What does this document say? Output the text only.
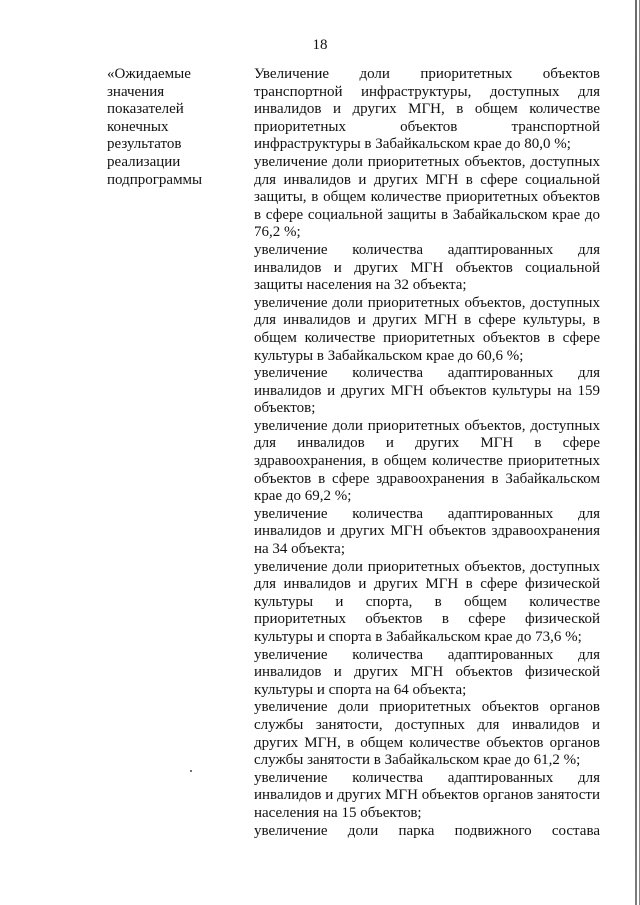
18
«Ожидаемые
значения
показателей
конечных
результатов
реализации
подпрограммы

Увеличение доли приоритетных объектов транспортной инфраструктуры, доступных для инвалидов и других МГН, в общем количестве приоритетных объектов транспортной инфраструктуры в Забайкальском крае до 80,0 %;

увеличение доли приоритетных объектов, доступных для инвалидов и других МГН в сфере социальной защиты, в общем количестве приоритетных объектов в сфере социальной защиты в Забайкальском крае до 76,2 %;

увеличение количества адаптированных для инвалидов и других МГН объектов социальной защиты населения на 32 объекта;

увеличение доли приоритетных объектов, доступных для инвалидов и других МГН в сфере культуры, в общем количестве приоритетных объектов в сфере культуры в Забайкальском крае до 60,6 %;

увеличение количества адаптированных для инвалидов и других МГН объектов культуры на 159 объектов;

увеличение доли приоритетных объектов, доступных для инвалидов и других МГН в сфере здравоохранения, в общем количестве приоритетных объектов в сфере здравоохранения в Забайкальском крае до 69,2 %;

увеличение количества адаптированных для инвалидов и других МГН объектов здравоохранения на 34 объекта;

увеличение доли приоритетных объектов, доступных для инвалидов и других МГН в сфере физической культуры и спорта, в общем количестве приоритетных объектов в сфере физической культуры и спорта в Забайкальском крае до 73,6 %;

увеличение количества адаптированных для инвалидов и других МГН объектов физической культуры и спорта на 64 объекта;

увеличение доли приоритетных объектов органов службы занятости, доступных для инвалидов и других МГН, в общем количестве объектов органов службы занятости в Забайкальском крае до 61,2 %;

увеличение количества адаптированных для инвалидов и других МГН объектов органов занятости населения на 15 объектов;

увеличение доли парка подвижного состава
